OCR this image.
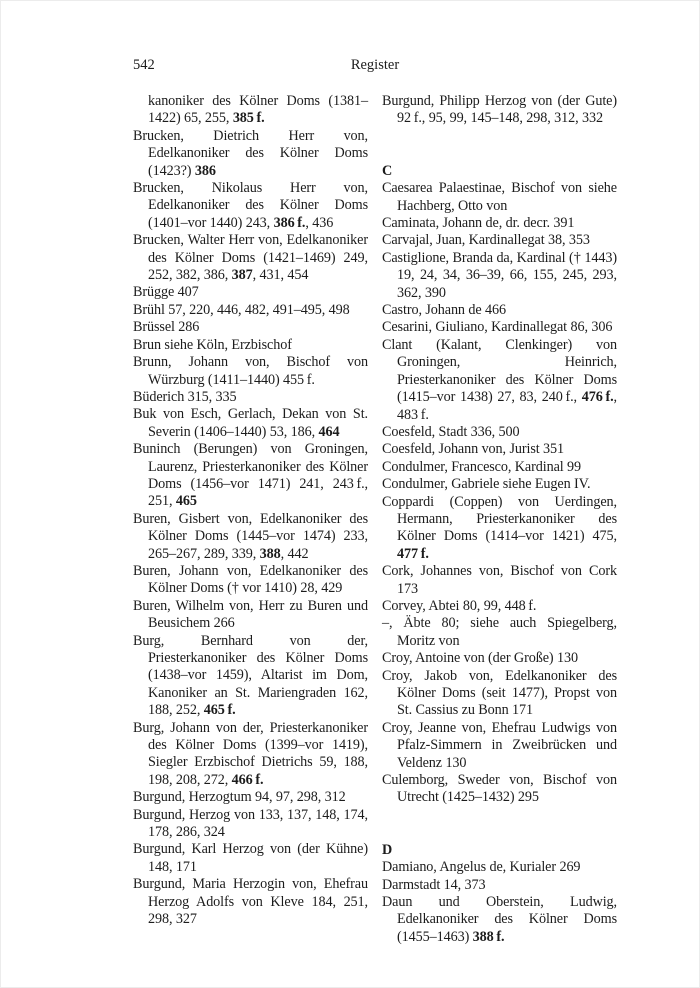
542	Register
kanoniker des Kölner Doms (1381–1422) 65, 255, 385 f.
Brucken, Dietrich Herr von, Edelkanoniker des Kölner Doms (1423?) 386
Brucken, Nikolaus Herr von, Edelkanoniker des Kölner Doms (1401–vor 1440) 243, 386 f., 436
Brucken, Walter Herr von, Edelkanoniker des Kölner Doms (1421–1469) 249, 252, 382, 386, 387, 431, 454
Brügge 407
Brühl 57, 220, 446, 482, 491–495, 498
Brüssel 286
Brun siehe Köln, Erzbischof
Brunn, Johann von, Bischof von Würzburg (1411–1440) 455 f.
Büderich 315, 335
Buk von Esch, Gerlach, Dekan von St. Severin (1406–1440) 53, 186, 464
Buninch (Berungen) von Groningen, Laurenz, Priesterkanoniker des Kölner Doms (1456–vor 1471) 241, 243 f., 251, 465
Buren, Gisbert von, Edelkanoniker des Kölner Doms (1445–vor 1474) 233, 265–267, 289, 339, 388, 442
Buren, Johann von, Edelkanoniker des Kölner Doms († vor 1410) 28, 429
Buren, Wilhelm von, Herr zu Buren und Beusichem 266
Burg, Bernhard von der, Priesterkanoniker des Kölner Doms (1438–vor 1459), Altarist im Dom, Kanoniker an St. Mariengraden 162, 188, 252, 465 f.
Burg, Johann von der, Priesterkanoniker des Kölner Doms (1399–vor 1419), Siegler Erzbischof Dietrichs 59, 188, 198, 208, 272, 466 f.
Burgund, Herzogtum 94, 97, 298, 312
Burgund, Herzog von 133, 137, 148, 174, 178, 286, 324
Burgund, Karl Herzog von (der Kühne) 148, 171
Burgund, Maria Herzogin von, Ehefrau Herzog Adolfs von Kleve 184, 251, 298, 327
Burgund, Philipp Herzog von (der Gute) 92 f., 95, 99, 145–148, 298, 312, 332
C
Caesarea Palaestinae, Bischof von siehe Hachberg, Otto von
Caminata, Johann de, dr. decr. 391
Carvajal, Juan, Kardinallegat 38, 353
Castiglione, Branda da, Kardinal († 1443) 19, 24, 34, 36–39, 66, 155, 245, 293, 362, 390
Castro, Johann de 466
Cesarini, Giuliano, Kardinallegat 86, 306
Clant (Kalant, Clenkinger) von Groningen, Heinrich, Priesterkanoniker des Kölner Doms (1415–vor 1438) 27, 83, 240 f., 476 f., 483 f.
Coesfeld, Stadt 336, 500
Coesfeld, Johann von, Jurist 351
Condulmer, Francesco, Kardinal 99
Condulmer, Gabriele siehe Eugen IV.
Coppardi (Coppen) von Uerdingen, Hermann, Priesterkanoniker des Kölner Doms (1414–vor 1421) 475, 477 f.
Cork, Johannes von, Bischof von Cork 173
Corvey, Abtei 80, 99, 448 f.
–, Äbte 80; siehe auch Spiegelberg, Moritz von
Croy, Antoine von (der Große) 130
Croy, Jakob von, Edelkanoniker des Kölner Doms (seit 1477), Propst von St. Cassius zu Bonn 171
Croy, Jeanne von, Ehefrau Ludwigs von Pfalz-Simmern in Zweibrücken und Veldenz 130
Culemborg, Sweder von, Bischof von Utrecht (1425–1432) 295
D
Damiano, Angelus de, Kurialer 269
Darmstadt 14, 373
Daun und Oberstein, Ludwig, Edelkanoniker des Kölner Doms (1455–1463) 388 f.
